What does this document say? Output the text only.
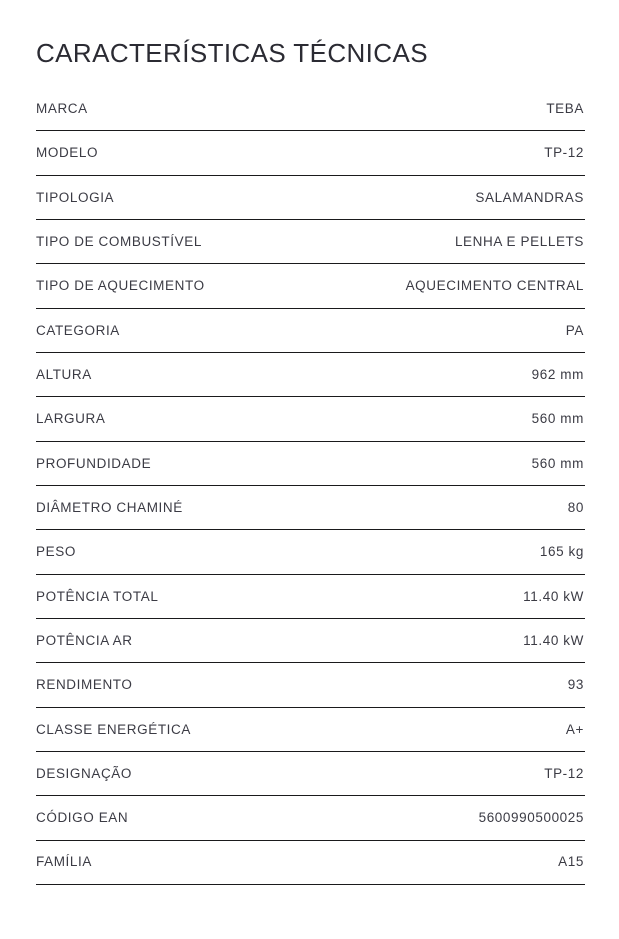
CARACTERÍSTICAS TÉCNICAS
MARCA	TEBA
MODELO	TP-12
TIPOLOGIA	SALAMANDRAS
TIPO DE COMBUSTÍVEL	LENHA E PELLETS
TIPO DE AQUECIMENTO	AQUECIMENTO CENTRAL
CATEGORIA	PA
ALTURA	962 mm
LARGURA	560 mm
PROFUNDIDADE	560 mm
DIÂMETRO CHAMINÉ	80
PESO	165 kg
POTÊNCIA TOTAL	11.40 kW
POTÊNCIA AR	11.40 kW
RENDIMENTO	93
CLASSE ENERGÉTICA	A+
DESIGNAÇÃO	TP-12
CÓDIGO EAN	5600990500025
FAMÍLIA	A15
